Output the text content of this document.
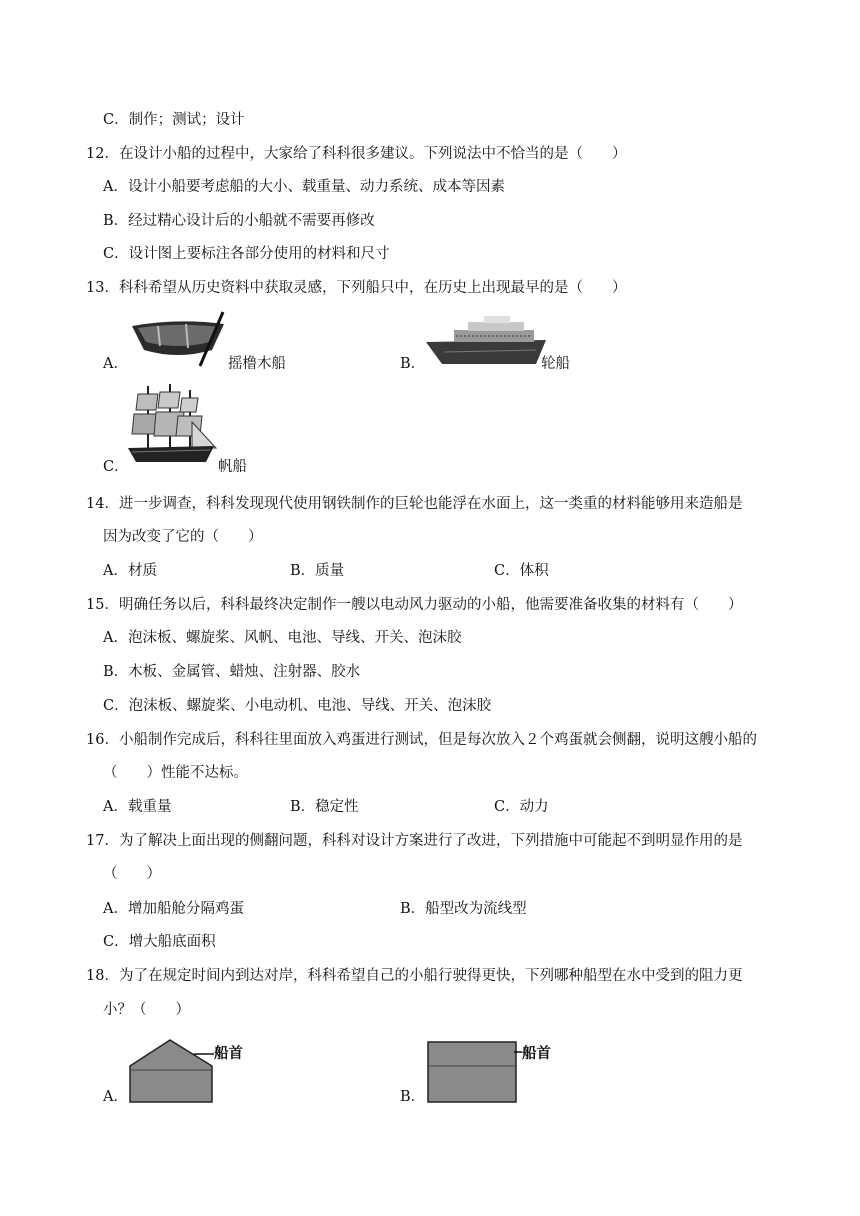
C．制作；测试；设计
12．在设计小船的过程中，大家给了科科很多建议。下列说法中不恰当的是（　　）
A．设计小船要考虑船的大小、载重量、动力系统、成本等因素
B．经过精心设计后的小船就不需要再修改
C．设计图上要标注各部分使用的材料和尺寸
13．科科希望从历史资料中获取灵感，下列船只中，在历史上出现最早的是（　　）
A．	摇橹木船	B．	轮船
C．	帆船
14．进一步调查，科科发现现代使用钢铁制作的巨轮也能浮在水面上，这一类重的材料能够用来造船是
因为改变了它的（　　）
A．材质	B．质量	C．体积
15．明确任务以后，科科最终决定制作一艘以电动风力驱动的小船，他需要准备收集的材料有（　　）
A．泡沫板、螺旋桨、风帆、电池、导线、开关、泡沫胶
B．木板、金属管、蜡烛、注射器、胶水
C．泡沫板、螺旋桨、小电动机、电池、导线、开关、泡沫胶
16．小船制作完成后，科科往里面放入鸡蛋进行测试，但是每次放入２个鸡蛋就会侧翻，说明这艘小船的
（　　）性能不达标。
A．载重量	B．稳定性	C．动力
17．为了解决上面出现的侧翻问题，科科对设计方案进行了改进，下列措施中可能起不到明显作用的是
（　　）
A．增加船舱分隔鸡蛋	B．船型改为流线型
C．增大船底面积
18．为了在规定时间内到达对岸，科科希望自己的小船行驶得更快，下列哪种船型在水中受到的阻力更
小？（　　）
A．
船首
B．
船首
